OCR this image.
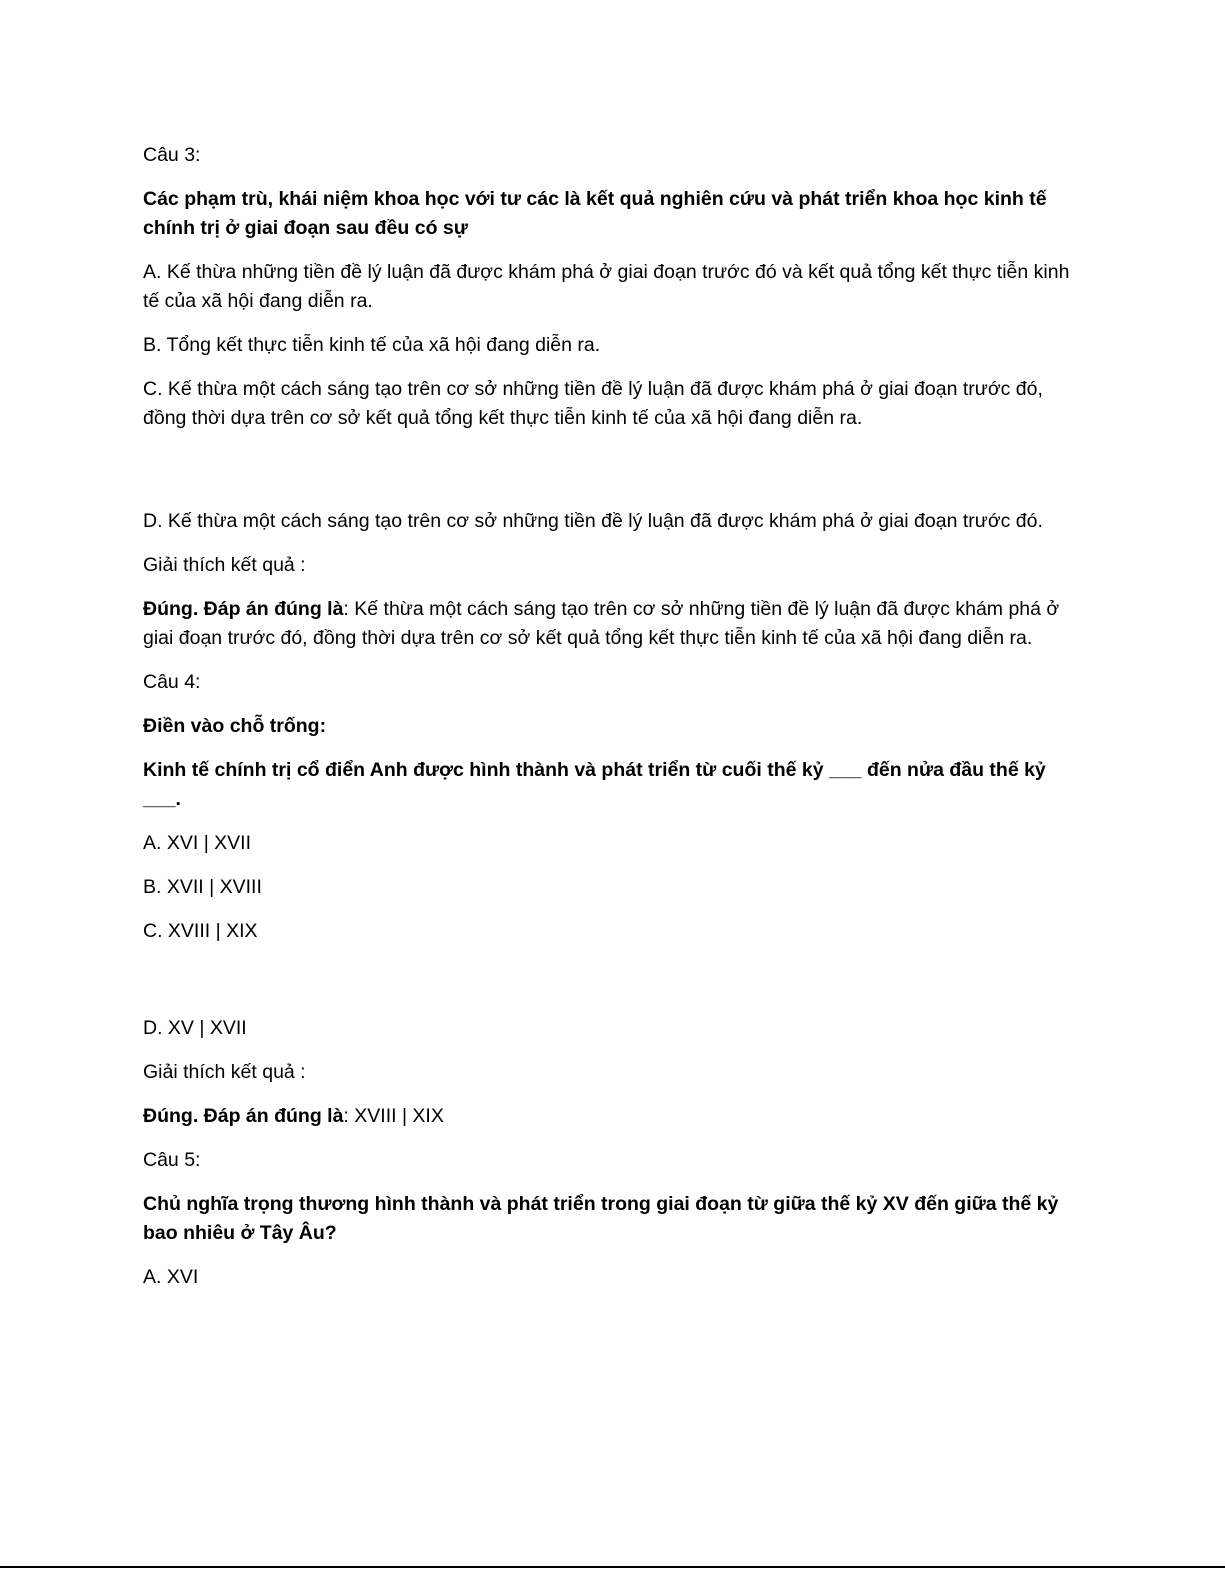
Câu 3:

Các phạm trù, khái niệm khoa học với tư các là kết quả nghiên cứu và phát triển khoa học kinh tế chính trị ở giai đoạn sau đều có sự

A. Kế thừa những tiền đề lý luận đã được khám phá ở giai đoạn trước đó và kết quả tổng kết thực tiễn kinh tế của xã hội đang diễn ra.

B. Tổng kết thực tiễn kinh tế của xã hội đang diễn ra.

C. Kế thừa một cách sáng tạo trên cơ sở những tiền đề lý luận đã được khám phá ở giai đoạn trước đó, đồng thời dựa trên cơ sở kết quả tổng kết thực tiễn kinh tế của xã hội đang diễn ra.

D. Kế thừa một cách sáng tạo trên cơ sở những tiền đề lý luận đã được khám phá ở giai đoạn trước đó.

Giải thích kết quả :

Đúng. Đáp án đúng là: Kế thừa một cách sáng tạo trên cơ sở những tiền đề lý luận đã được khám phá ở giai đoạn trước đó, đồng thời dựa trên cơ sở kết quả tổng kết thực tiễn kinh tế của xã hội đang diễn ra.

Câu 4:

Điền vào chỗ trống:

Kinh tế chính trị cổ điển Anh được hình thành và phát triển từ cuối thế kỷ ___ đến nửa đầu thế kỷ ___.

A. XVI | XVII

B. XVII | XVIII

C. XVIII | XIX

D. XV | XVII

Giải thích kết quả :

Đúng. Đáp án đúng là: XVIII | XIX

Câu 5:

Chủ nghĩa trọng thương hình thành và phát triển trong giai đoạn từ giữa thế kỷ XV đến giữa thế kỷ bao nhiêu ở Tây Âu?

A. XVI
